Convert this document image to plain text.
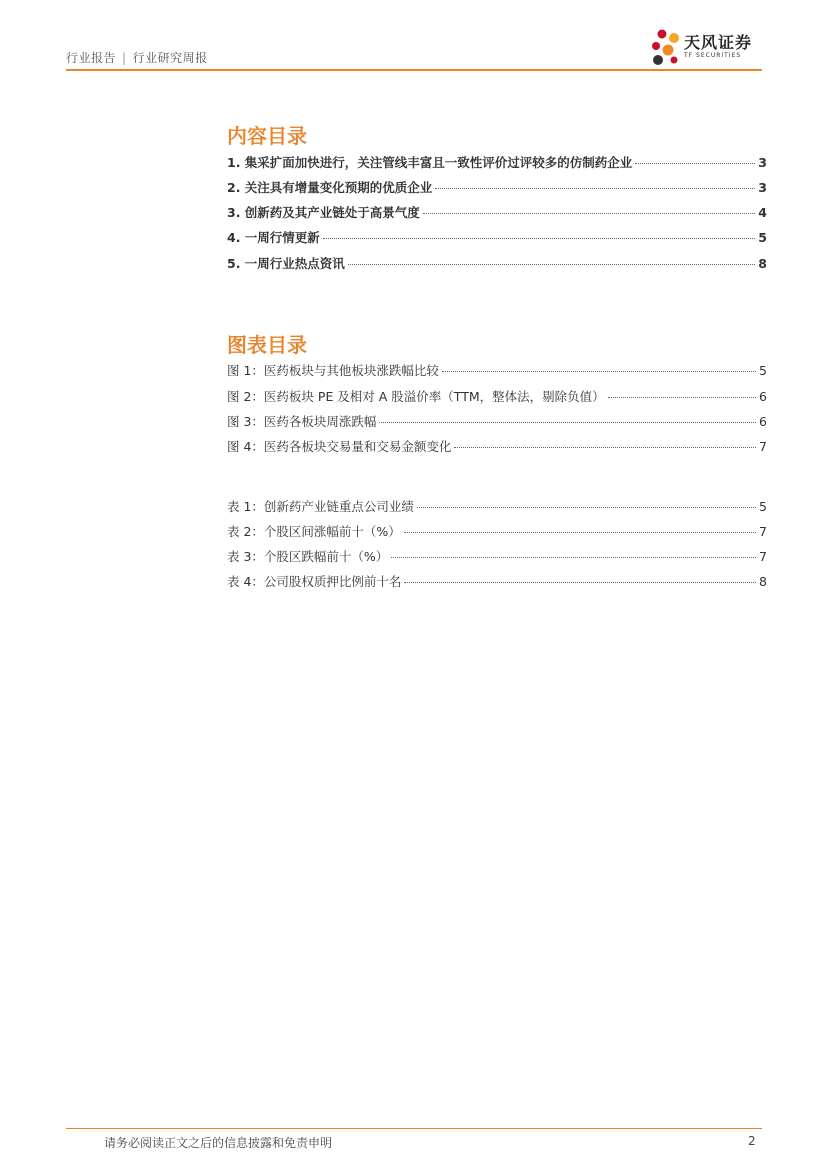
行业报告 | 行业研究周报
天风证券
TF SECURITIES
内容目录
1. 集采扩面加快进行，关注管线丰富且一致性评价过评较多的仿制药企业	3
2. 关注具有增量变化预期的优质企业	3
3. 创新药及其产业链处于高景气度	4
4. 一周行情更新	5
5. 一周行业热点资讯	8
图表目录
图 1：医药板块与其他板块涨跌幅比较	5
图 2：医药板块 PE 及相对 A 股溢价率（TTM，整体法，剔除负值）	6
图 3：医药各板块周涨跌幅	6
图 4：医药各板块交易量和交易金额变化	7
表 1：创新药产业链重点公司业绩	5
表 2：个股区间涨幅前十（%）	7
表 3：个股区跌幅前十（%）	7
表 4：公司股权质押比例前十名	8
请务必阅读正文之后的信息披露和免责申明	2
